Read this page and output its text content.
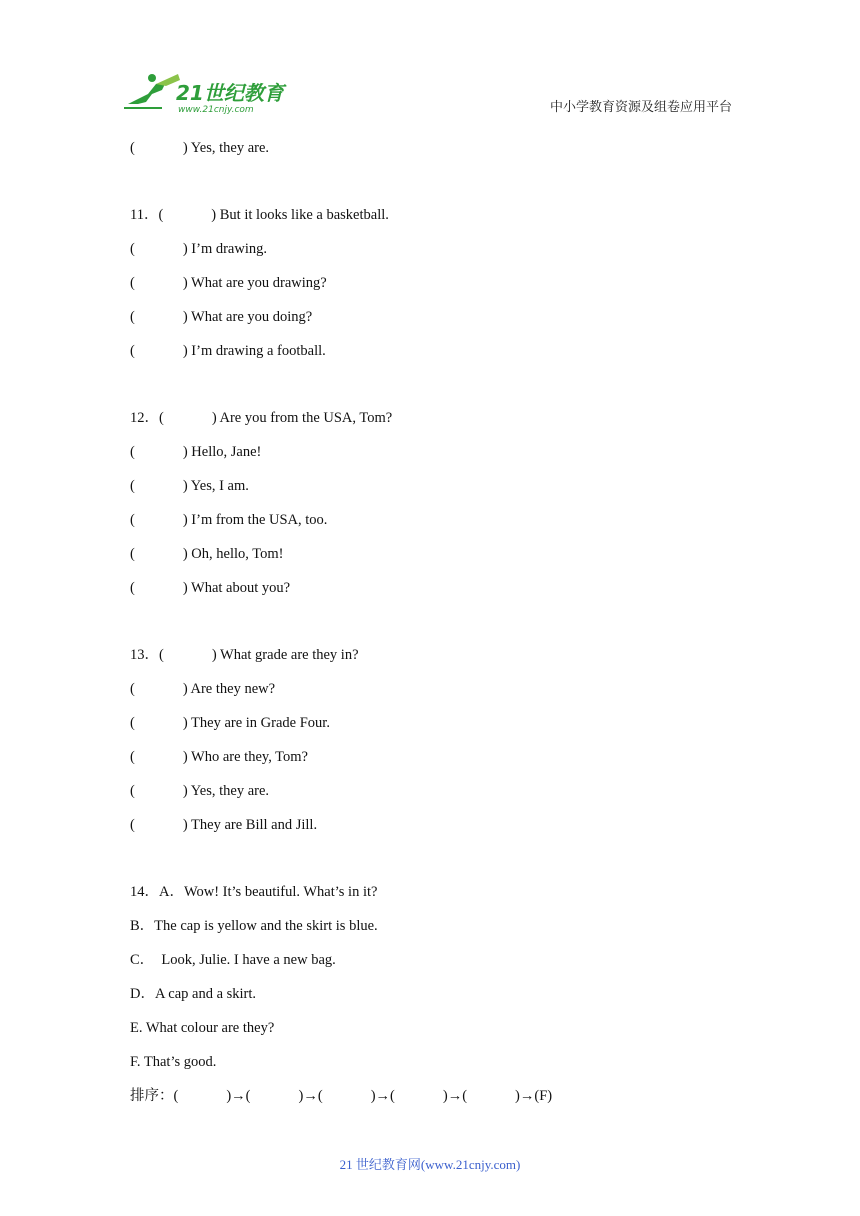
21世纪教育
www.21cnjy.com	中小学教育资源及组卷应用平台
(	) Yes, they are.
11．(	) But it looks like a basketball.
(	) I’m drawing.
(	) What are you drawing?
(	) What are you doing?
(	) I’m drawing a football.
12．(	) Are you from the USA, Tom?
(	) Hello, Jane!
(	) Yes, I am.
(	) I’m from the USA, too.
(	) Oh, hello, Tom!
(	) What about you?
13．(	) What grade are they in?
(	) Are they new?
(	) They are in Grade Four.
(	) Who are they, Tom?
(	) Yes, they are.
(	) They are Bill and Jill.
14．A．Wow! It’s beautiful. What’s in it?
B．The cap is yellow and the skirt is blue.
C．  Look, Julie. I have a new bag.
D．A cap and a skirt.
E. What colour are they?
F. That’s good.
排序：(	)→(	)→(	)→(	)→(	)→(F)
21 世纪教育网(www.21cnjy.com)
